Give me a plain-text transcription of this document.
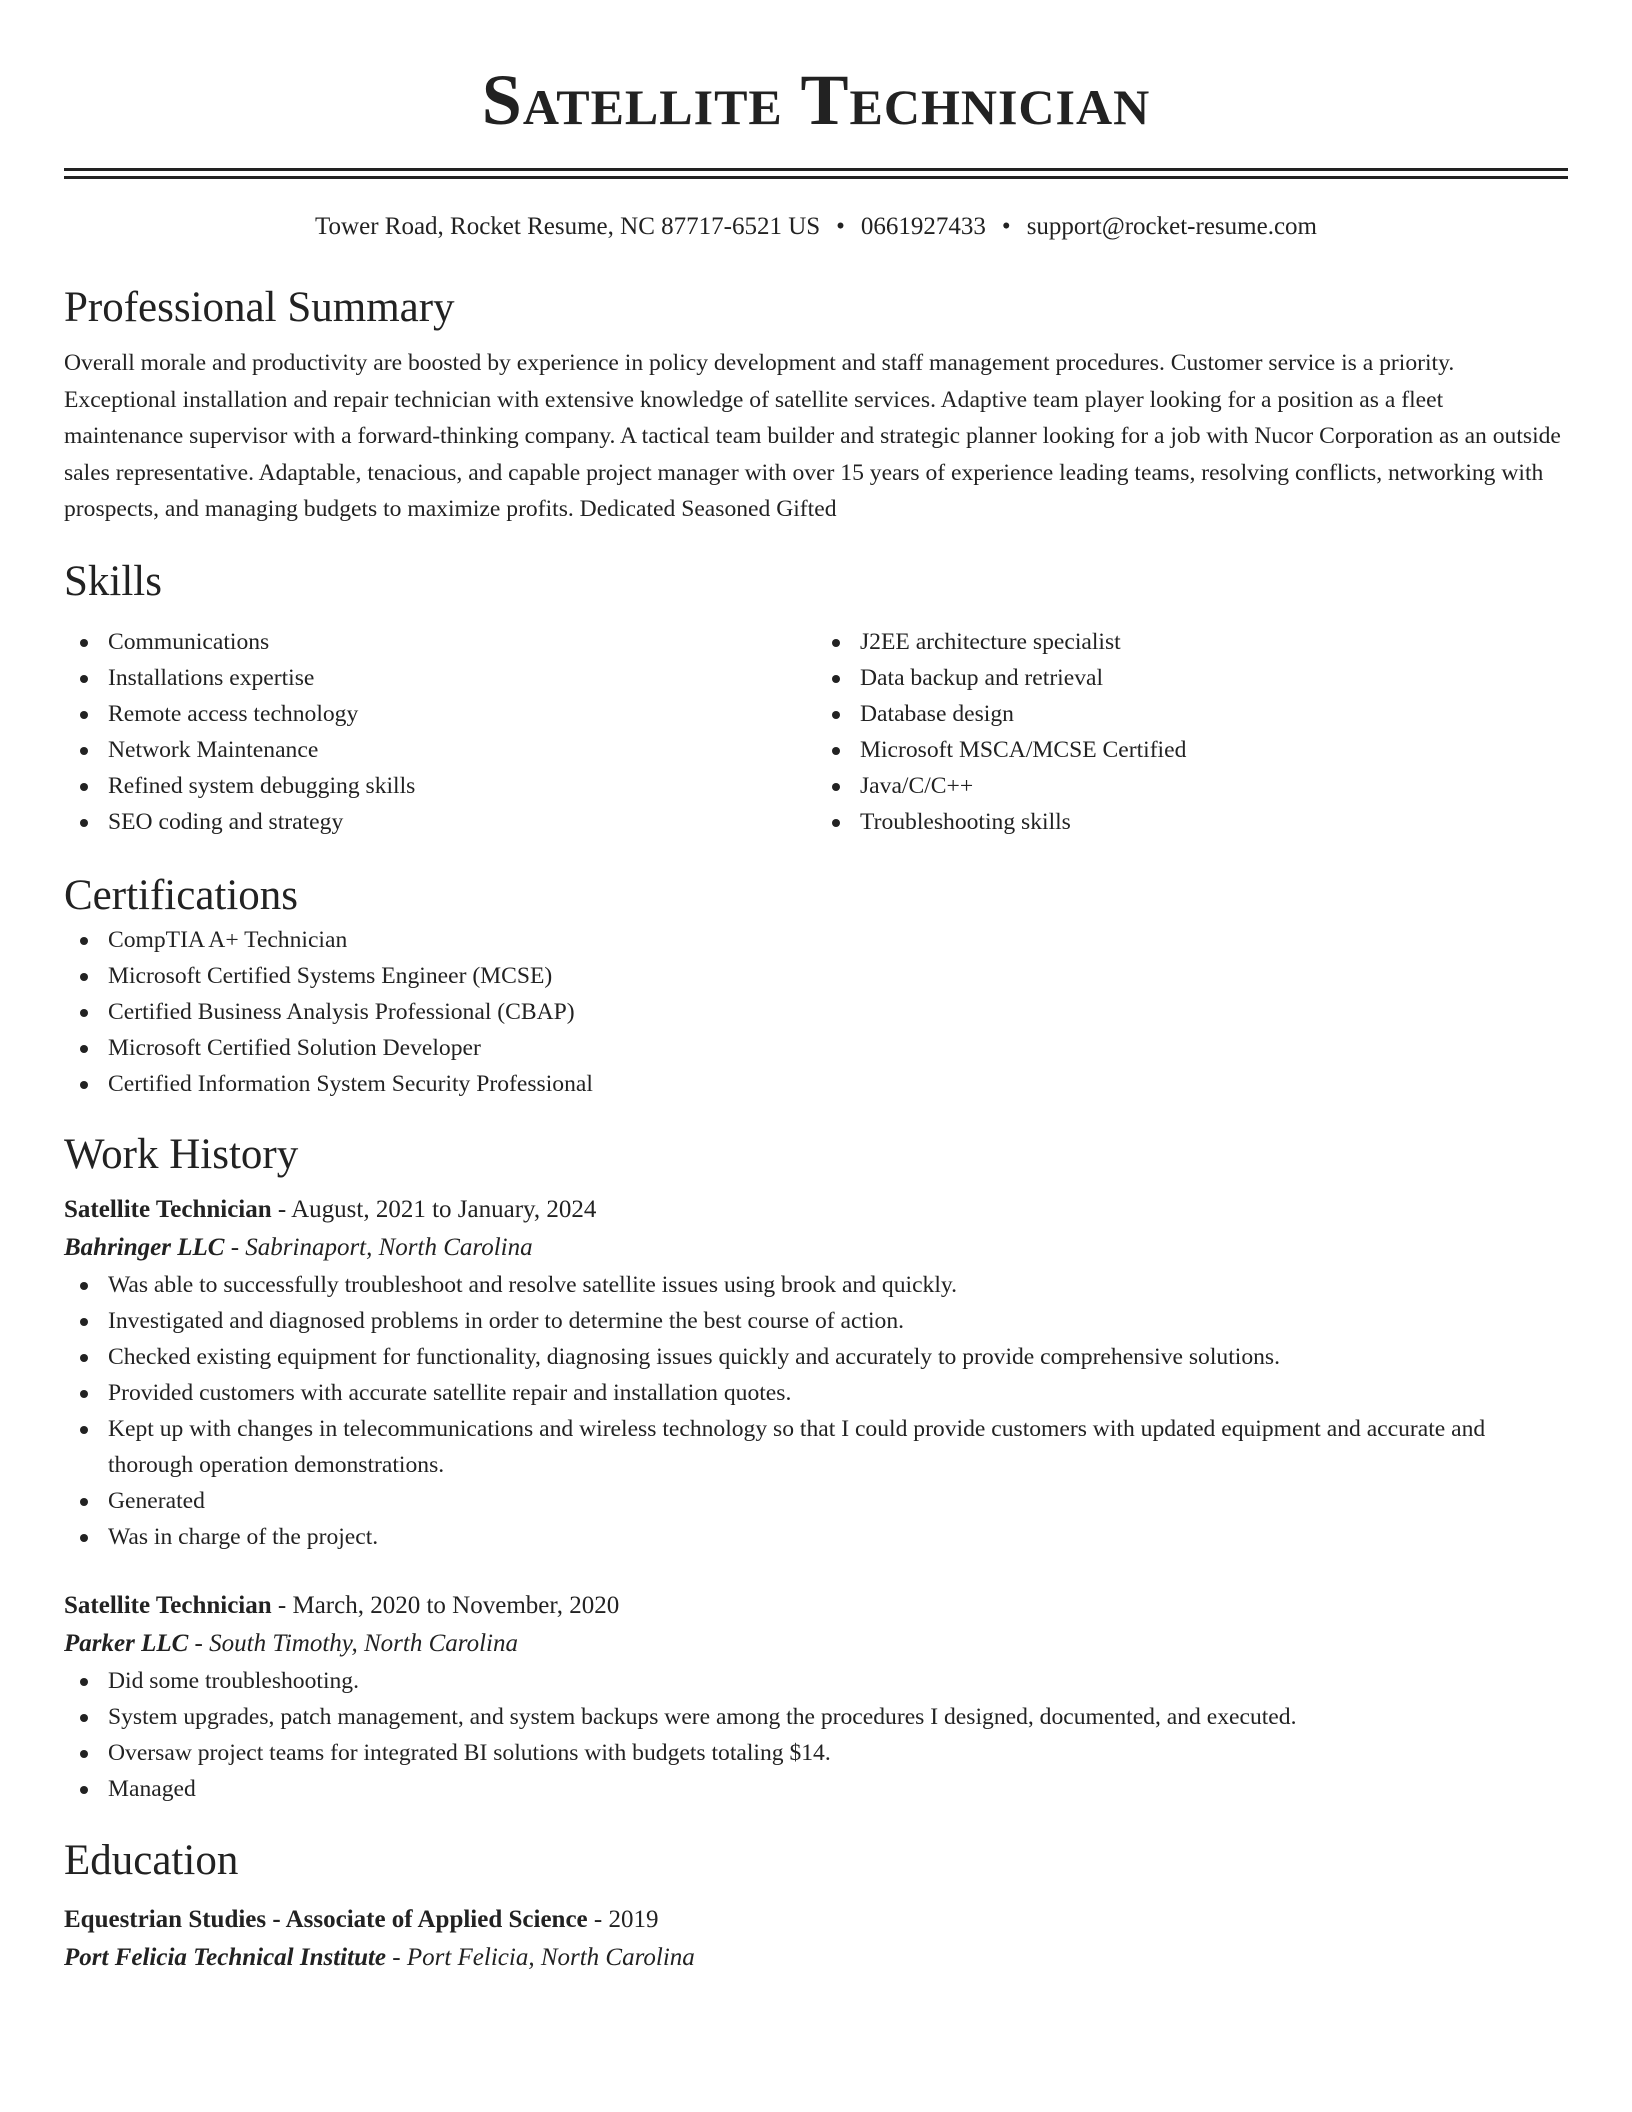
Satellite Technician
Tower Road, Rocket Resume, NC 87717-6521 US • 0661927433 • support@rocket-resume.com
Professional Summary

Overall morale and productivity are boosted by experience in policy development and staff management procedures. Customer service is a priority. Exceptional installation and repair technician with extensive knowledge of satellite services. Adaptive team player looking for a position as a fleet maintenance supervisor with a forward-thinking company. A tactical team builder and strategic planner looking for a job with Nucor Corporation as an outside sales representative. Adaptable, tenacious, and capable project manager with over 15 years of experience leading teams, resolving conflicts, networking with prospects, and managing budgets to maximize profits. Dedicated Seasoned Gifted

Skills
Communications
Installations expertise
Remote access technology
Network Maintenance
Refined system debugging skills
SEO coding and strategy
J2EE architecture specialist
Data backup and retrieval
Database design
Microsoft MSCA/MCSE Certified
Java/C/C++
Troubleshooting skills
Certifications
CompTIA A+ Technician
Microsoft Certified Systems Engineer (MCSE)
Certified Business Analysis Professional (CBAP)
Microsoft Certified Solution Developer
Certified Information System Security Professional
Work History
Satellite Technician - August, 2021 to January, 2024
Bahringer LLC - Sabrinaport, North Carolina
Was able to successfully troubleshoot and resolve satellite issues using brook and quickly.
Investigated and diagnosed problems in order to determine the best course of action.
Checked existing equipment for functionality, diagnosing issues quickly and accurately to provide comprehensive solutions.
Provided customers with accurate satellite repair and installation quotes.
Kept up with changes in telecommunications and wireless technology so that I could provide customers with updated equipment and accurate and thorough operation demonstrations.
Generated
Was in charge of the project.
Satellite Technician - March, 2020 to November, 2020
Parker LLC - South Timothy, North Carolina
Did some troubleshooting.
System upgrades, patch management, and system backups were among the procedures I designed, documented, and executed.
Oversaw project teams for integrated BI solutions with budgets totaling $14.
Managed
Education
Equestrian Studies - Associate of Applied Science - 2019
Port Felicia Technical Institute - Port Felicia, North Carolina
